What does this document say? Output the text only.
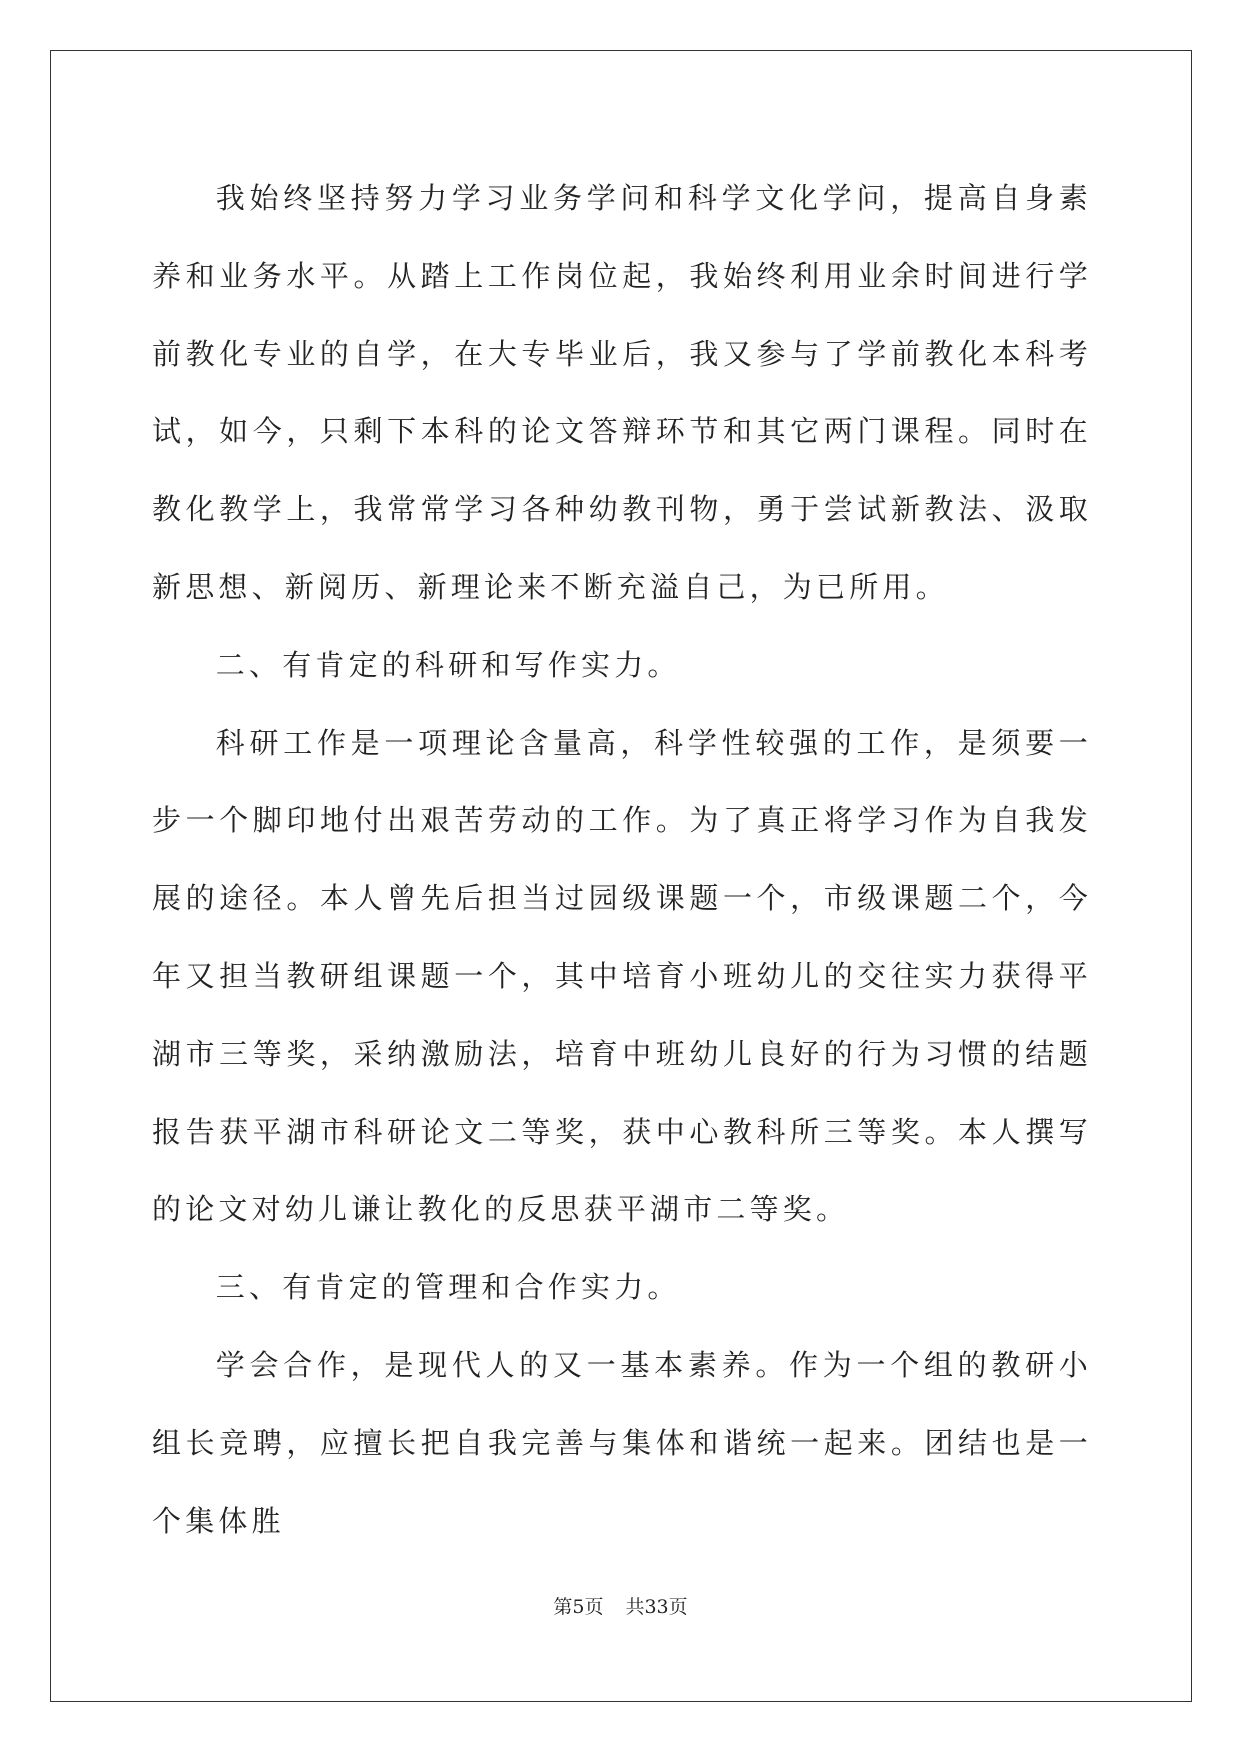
我始终坚持努力学习业务学问和科学文化学问，提高自身素养和业务水平。从踏上工作岗位起，我始终利用业余时间进行学前教化专业的自学，在大专毕业后，我又参与了学前教化本科考试，如今，只剩下本科的论文答辩环节和其它两门课程。同时在教化教学上，我常常学习各种幼教刊物，勇于尝试新教法、汲取新思想、新阅历、新理论来不断充溢自己，为已所用。

二、有肯定的科研和写作实力。

科研工作是一项理论含量高，科学性较强的工作，是须要一步一个脚印地付出艰苦劳动的工作。为了真正将学习作为自我发展的途径。本人曾先后担当过园级课题一个，市级课题二个，今年又担当教研组课题一个，其中培育小班幼儿的交往实力获得平湖市三等奖，采纳激励法，培育中班幼儿良好的行为习惯的结题报告获平湖市科研论文二等奖，获中心教科所三等奖。本人撰写的论文对幼儿谦让教化的反思获平湖市二等奖。

三、有肯定的管理和合作实力。

学会合作，是现代人的又一基本素养。作为一个组的教研小组长竞聘，应擅长把自我完善与集体和谐统一起来。团结也是一个集体胜

第5页 共33页
